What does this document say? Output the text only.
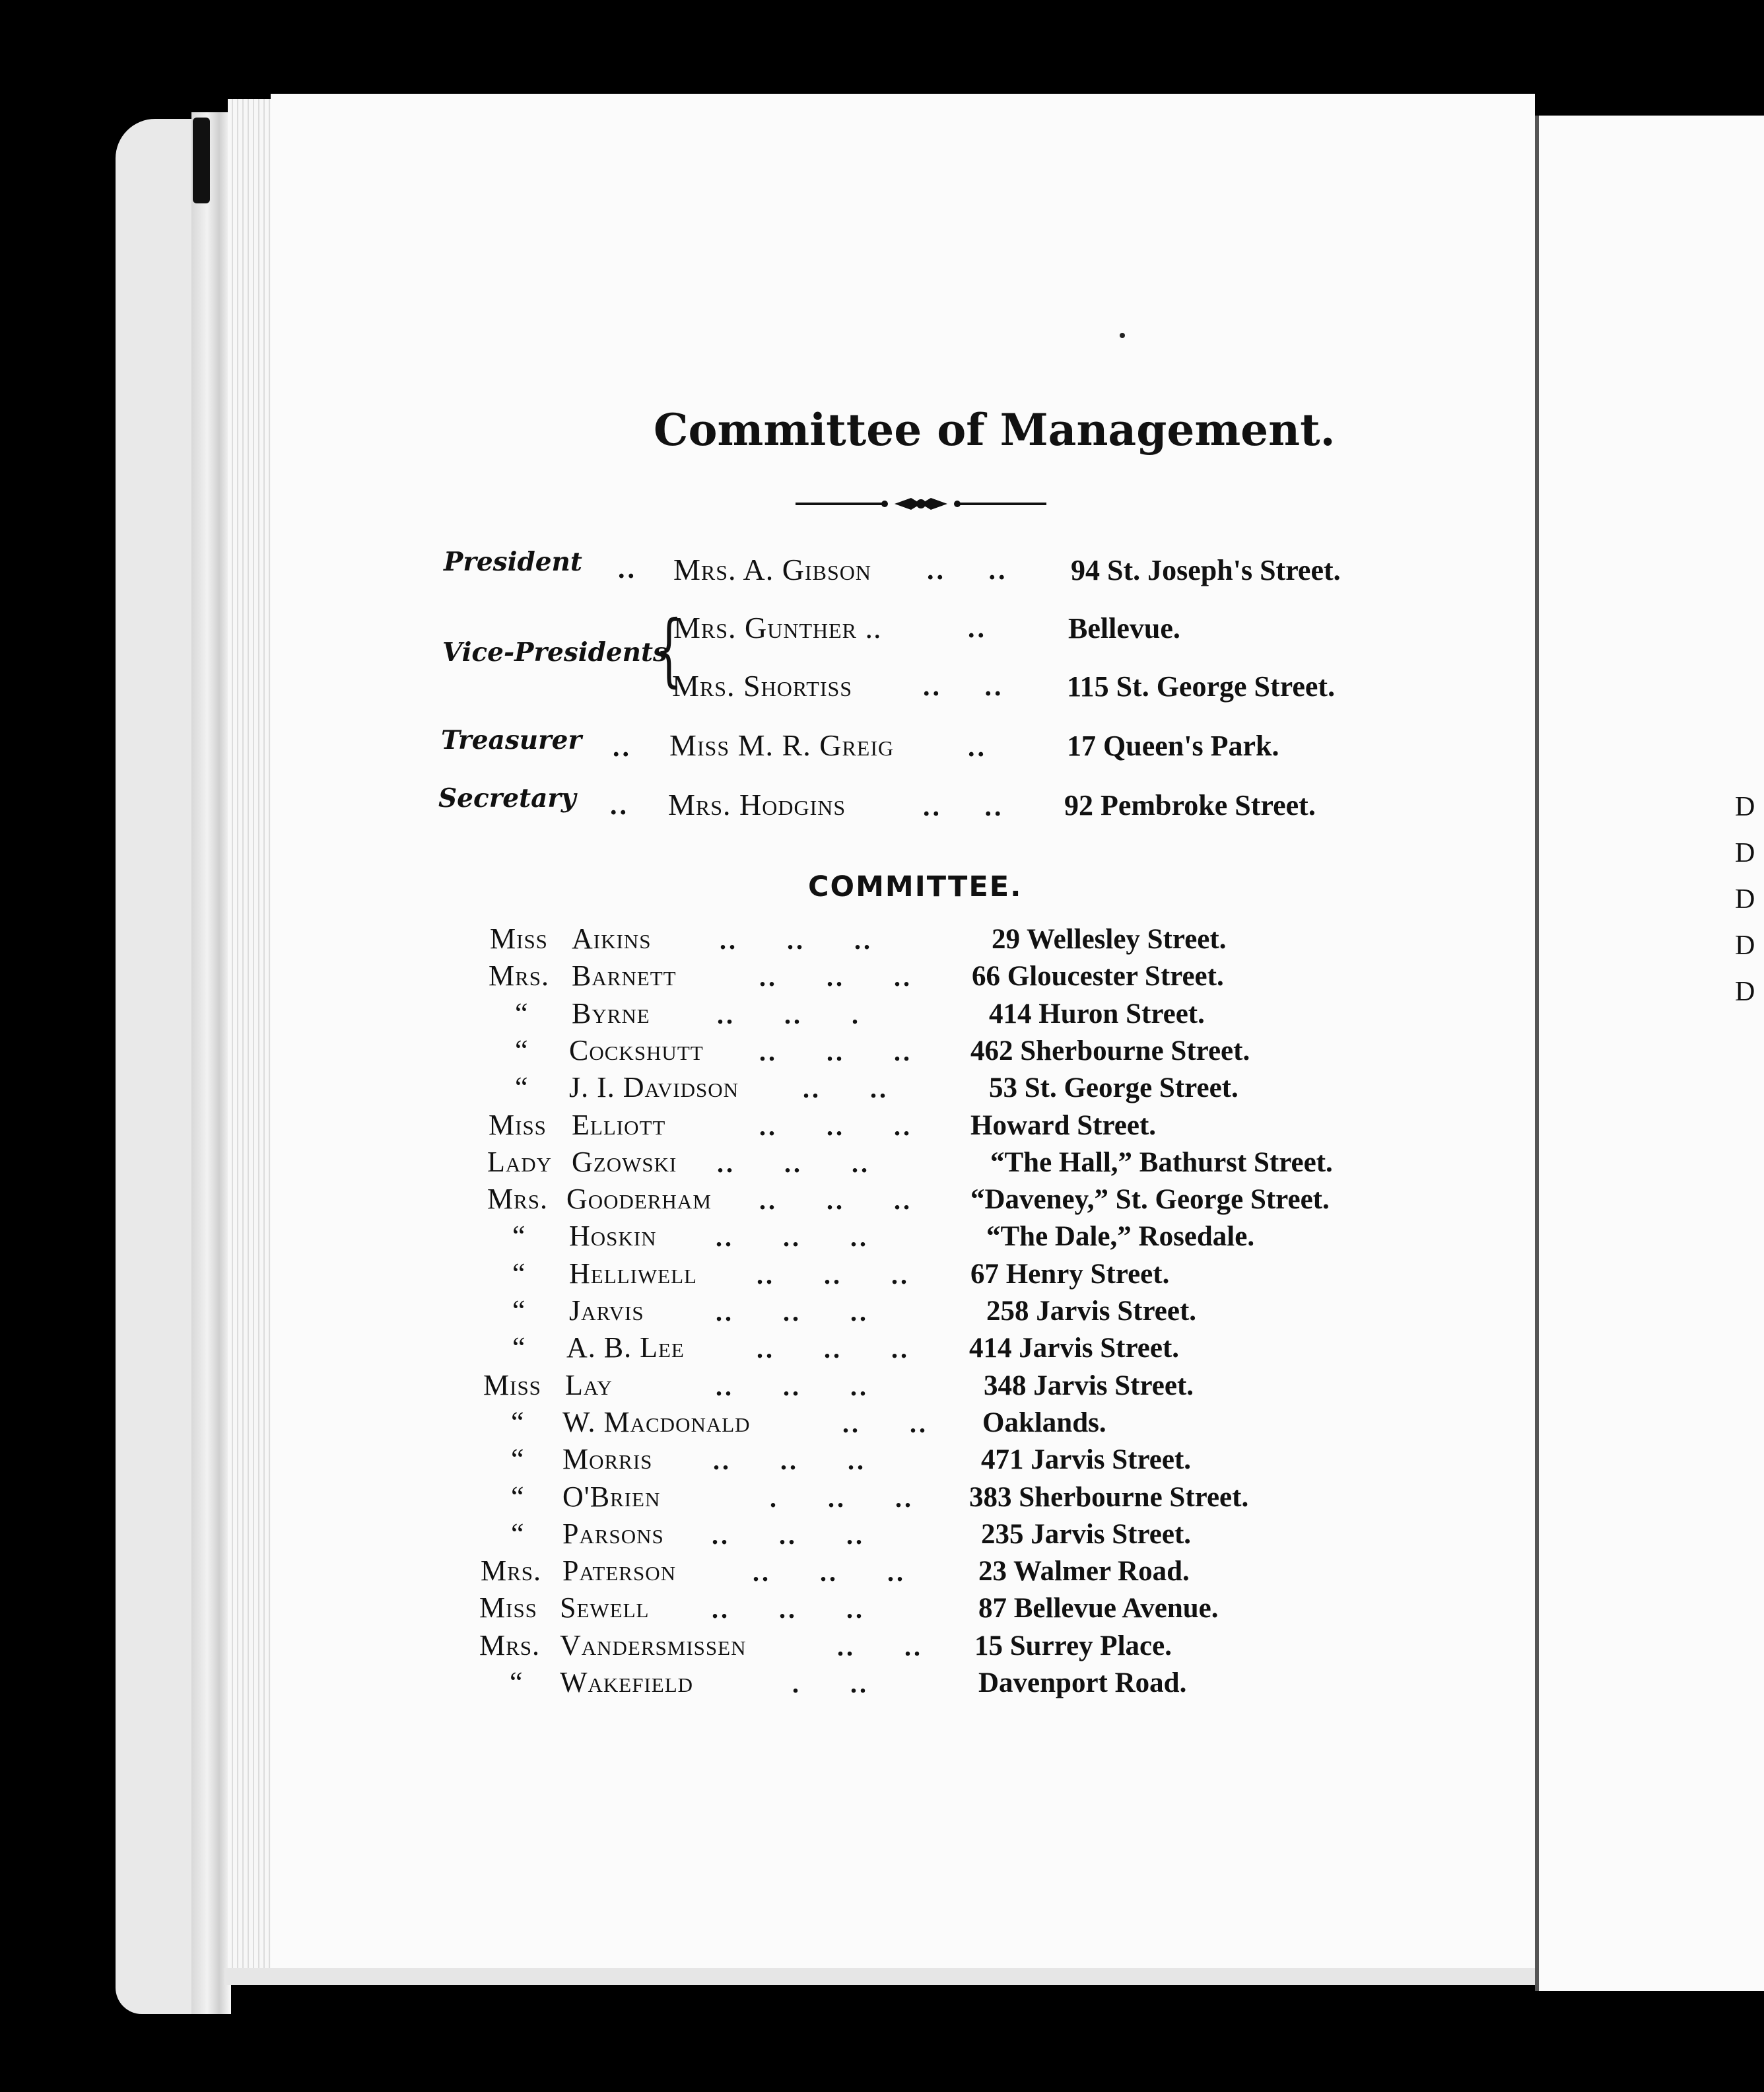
D
D
D
D
D
Committee of Management.
President .. Mrs. A. Gibson .. .. 94 St. Joseph's Street.
Vice-Presidents
{
Mrs. Gunther ..	..	Bellevue.
Mrs. Shortiss	.. .. 115 St. George Street.
Treasurer .. Miss M. R. Greig	..	17 Queen's Park.
Secretary .. Mrs. Hodgins	.. .. 92 Pembroke Street.
COMMITTEE.
Miss Aikins	.. .. ..	29 Wellesley Street.
Mrs. Barnett	.. .. .. 66 Gloucester Street.
“ Byrne	.. .. .	414 Huron Street.
“ Cockshutt .. .. .. 462 Sherbourne Street.
“ J. I. Davidson .. ..	53 St. George Street.
Miss Elliott	.. .. .. Howard Street.
Lady Gzowski .. .. ..	“The Hall,” Bathurst Street.
Mrs. Gooderham .. .. .. “Daveney,” St. George Street.
“ Hoskin .. .. ..	“The Dale,” Rosedale.
“ Helliwell .. .. .. 67 Henry Street.
“ Jarvis	.. .. ..	258 Jarvis Street.
“ A. B. Lee	.. .. .. 414 Jarvis Street.
Miss Lay	.. .. ..	348 Jarvis Street.
“ W. Macdonald	.. .. Oaklands.
“ Morris .. .. ..	471 Jarvis Street.
“ O'Brien	. .. .. 383 Sherbourne Street.
“ Parsons .. .. ..	235 Jarvis Street.
Mrs. Paterson	.. .. ..	23 Walmer Road.
Miss Sewell .. .. ..	87 Bellevue Avenue.
Mrs. Vandersmissen	.. .. 15 Surrey Place.
“ Wakefield	. ..	Davenport Road.
